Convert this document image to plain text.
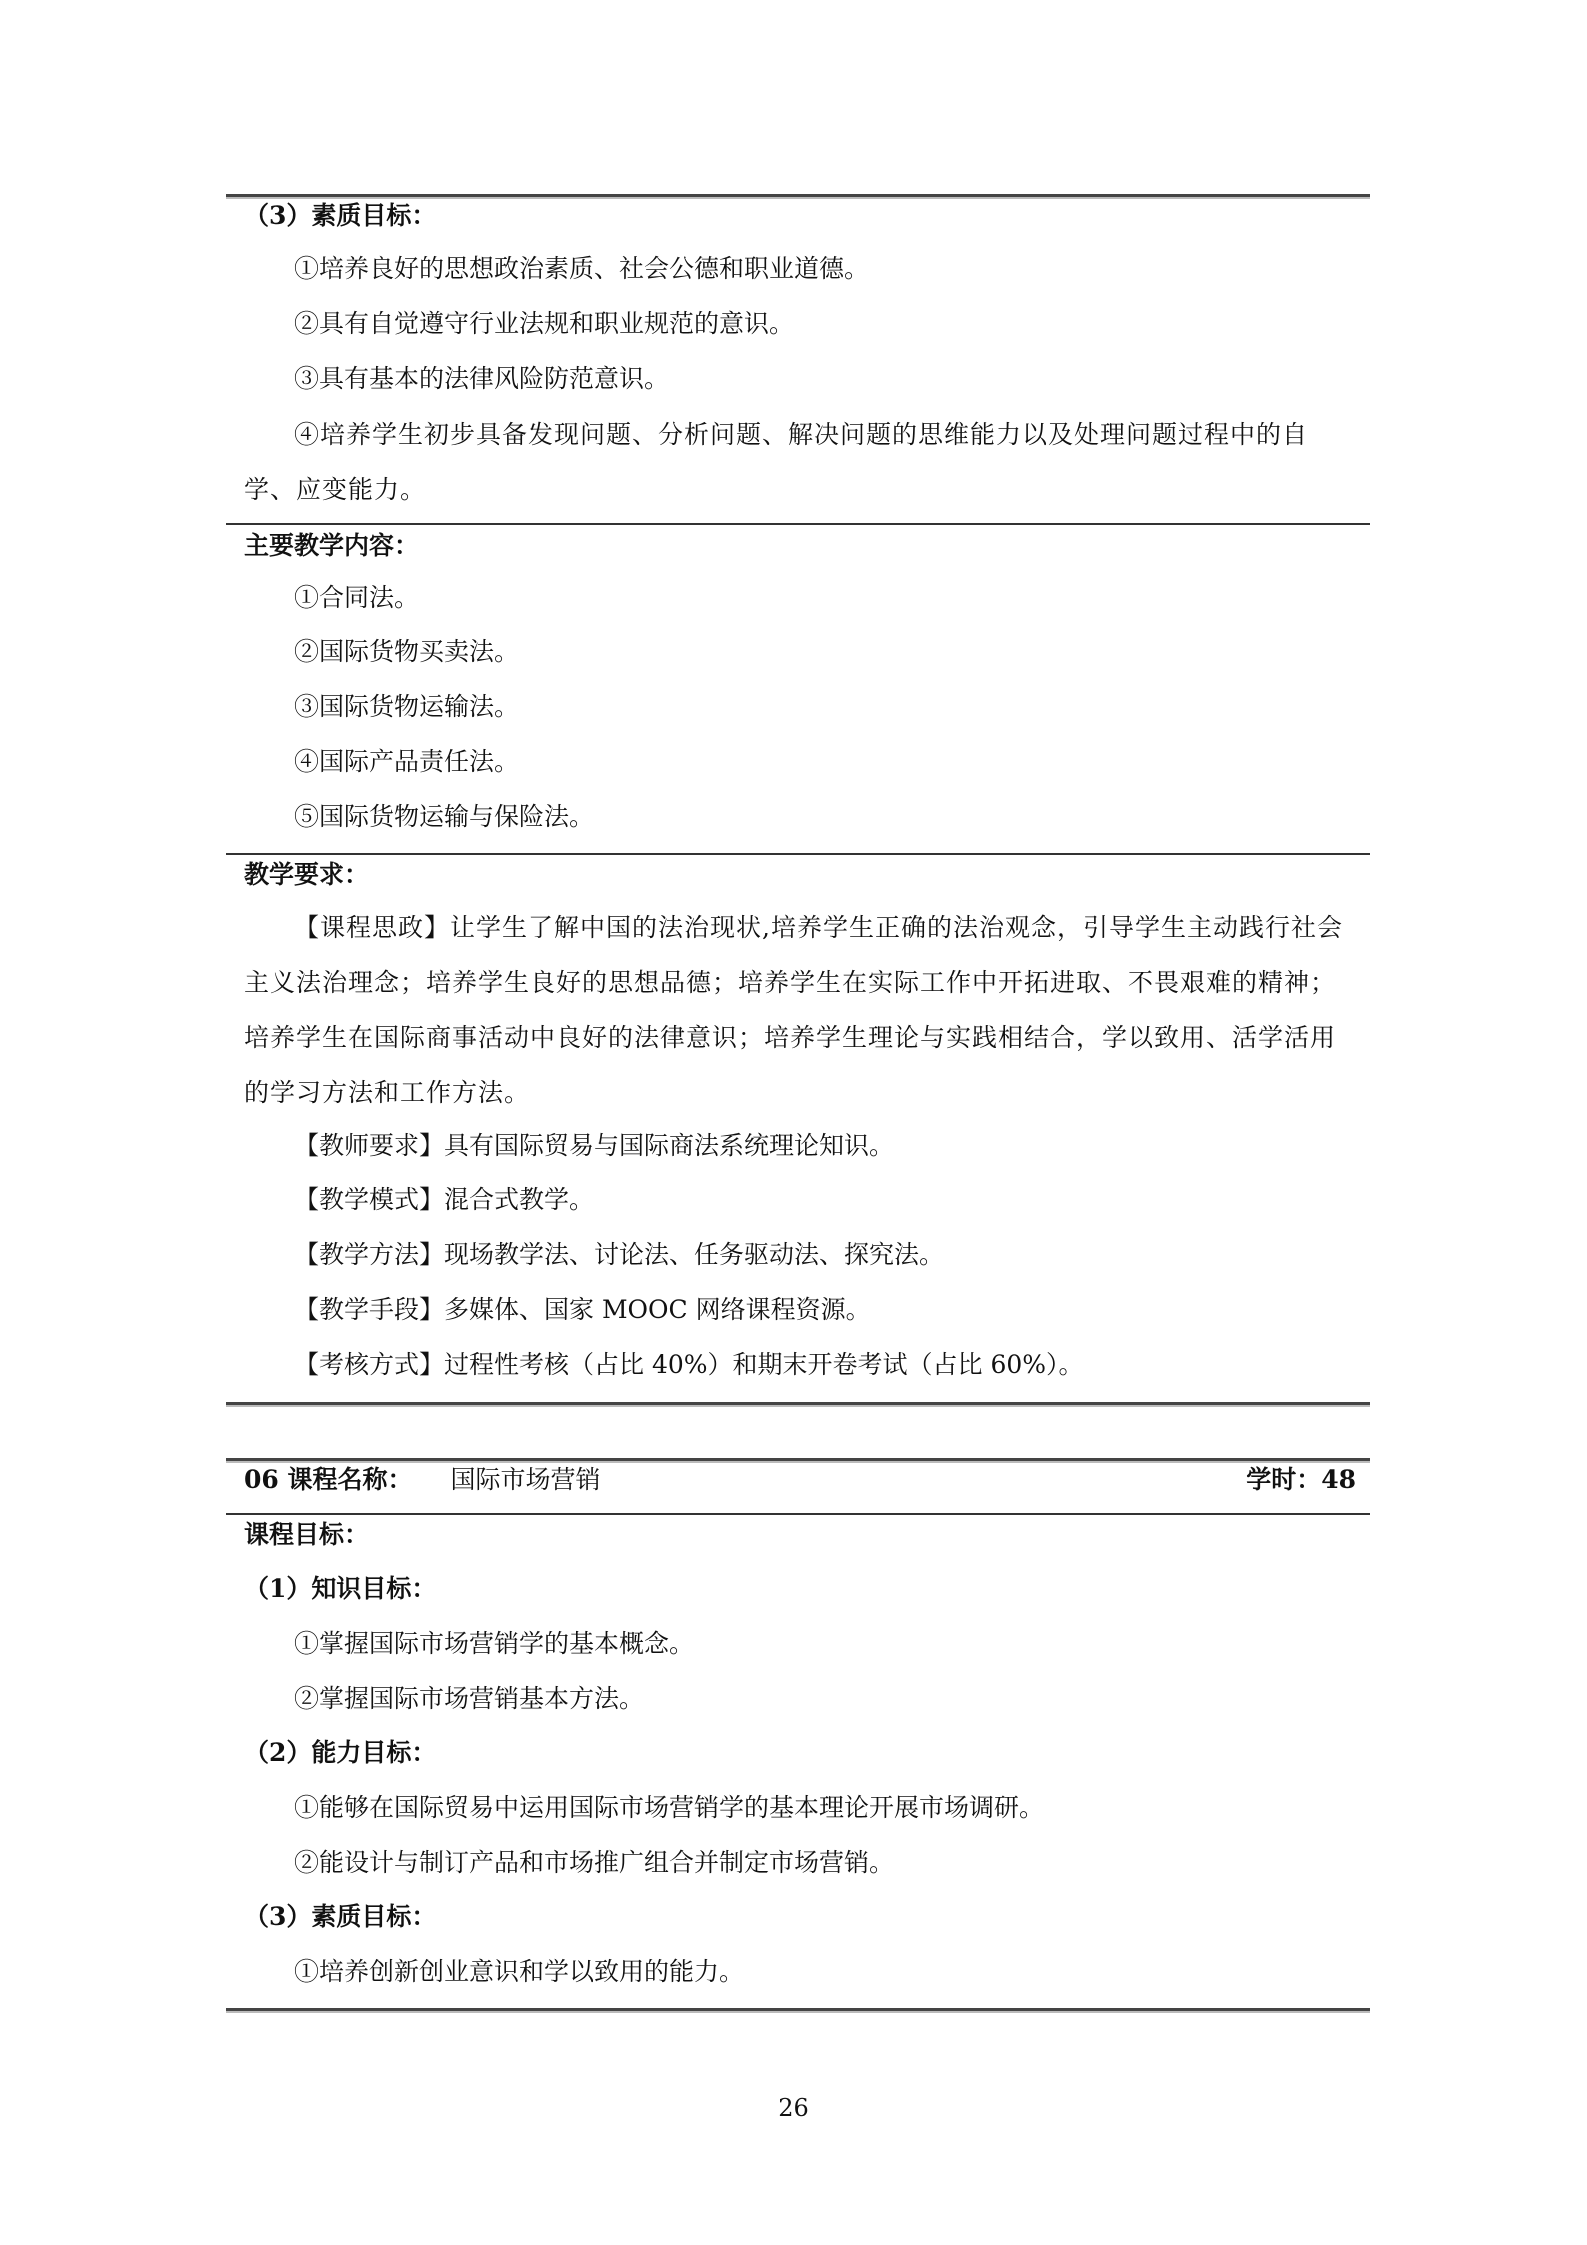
（3）素质目标：
①培养良好的思想政治素质、社会公德和职业道德。
②具有自觉遵守行业法规和职业规范的意识。
③具有基本的法律风险防范意识。
④培养学生初步具备发现问题、分析问题、解决问题的思维能力以及处理问题过程中的自学、应变能力。
主要教学内容：
①合同法。
②国际货物买卖法。
③国际货物运输法。
④国际产品责任法。
⑤国际货物运输与保险法。
教学要求：
【课程思政】让学生了解中国的法治现状,培养学生正确的法治观念，引导学生主动践行社会主义法治理念；培养学生良好的思想品德；培养学生在实际工作中开拓进取、不畏艰难的精神；培养学生在国际商事活动中良好的法律意识；培养学生理论与实践相结合，学以致用、活学活用的学习方法和工作方法。
【教师要求】具有国际贸易与国际商法系统理论知识。
【教学模式】混合式教学。
【教学方法】现场教学法、讨论法、任务驱动法、探究法。
【教学手段】多媒体、国家 MOOC 网络课程资源。
【考核方式】过程性考核（占比 40%）和期末开卷考试（占比 60%）。
06 课程名称： 国际市场营销	学时：48
课程目标：
（1）知识目标：
①掌握国际市场营销学的基本概念。
②掌握国际市场营销基本方法。
（2）能力目标：
①能够在国际贸易中运用国际市场营销学的基本理论开展市场调研。
②能设计与制订产品和市场推广组合并制定市场营销。
（3）素质目标：
①培养创新创业意识和学以致用的能力。
26
